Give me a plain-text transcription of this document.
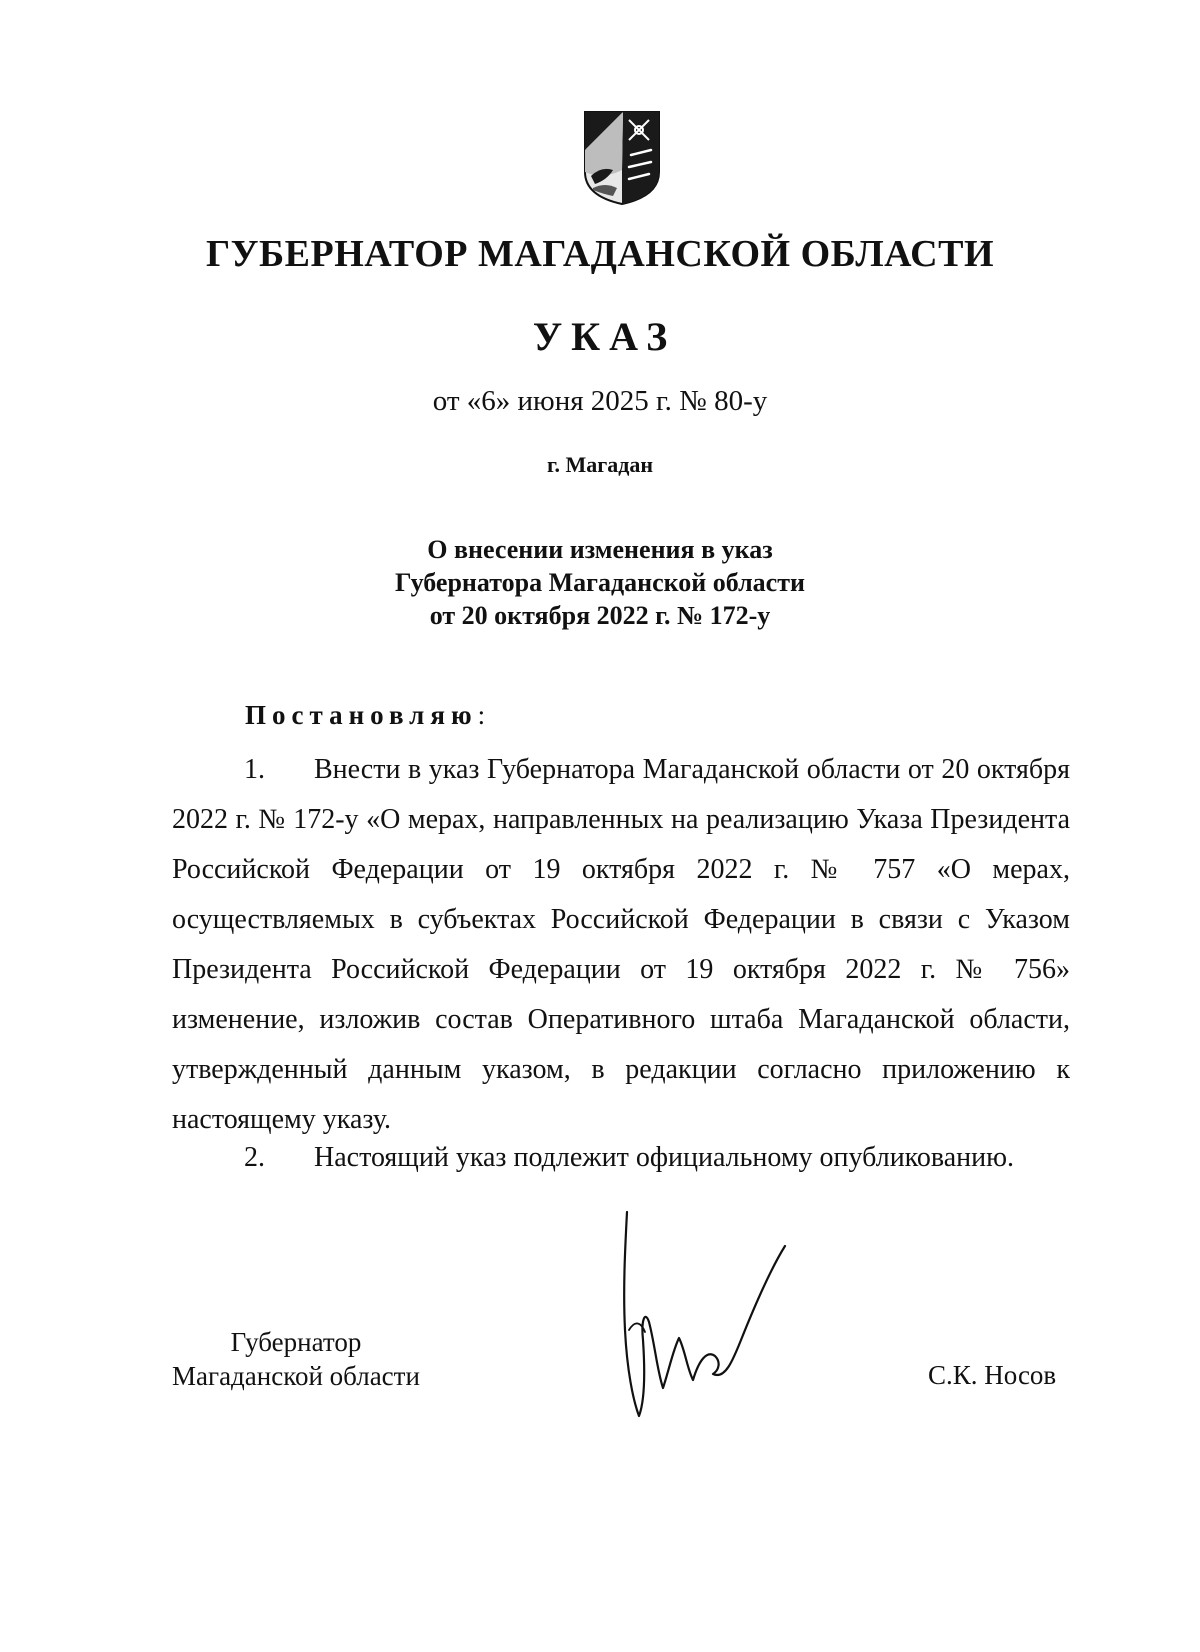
ГУБЕРНАТОР МАГАДАНСКОЙ ОБЛАСТИ
УКАЗ
от «6» июня 2025 г. № 80-у
г. Магадан
О внесении изменения в указ
Губернатора Магаданской области
от 20 октября 2022 г. № 172-у
Постановляю:
1. Внести в указ Губернатора Магаданской области от 20 октября 2022 г. № 172-у «О мерах, направленных на реализацию Указа Президента Российской Федерации от 19 октября 2022 г. № 757 «О мерах, осуществляемых в субъектах Российской Федерации в связи с Указом Президента Российской Федерации от 19 октября 2022 г. № 756» изменение, изложив состав Оперативного штаба Магаданской области, утвержденный данным указом, в редакции согласно приложению к настоящему указу.
2. Настоящий указ подлежит официальному опубликованию.
Губернатор
Магаданской области	С.К. Носов
